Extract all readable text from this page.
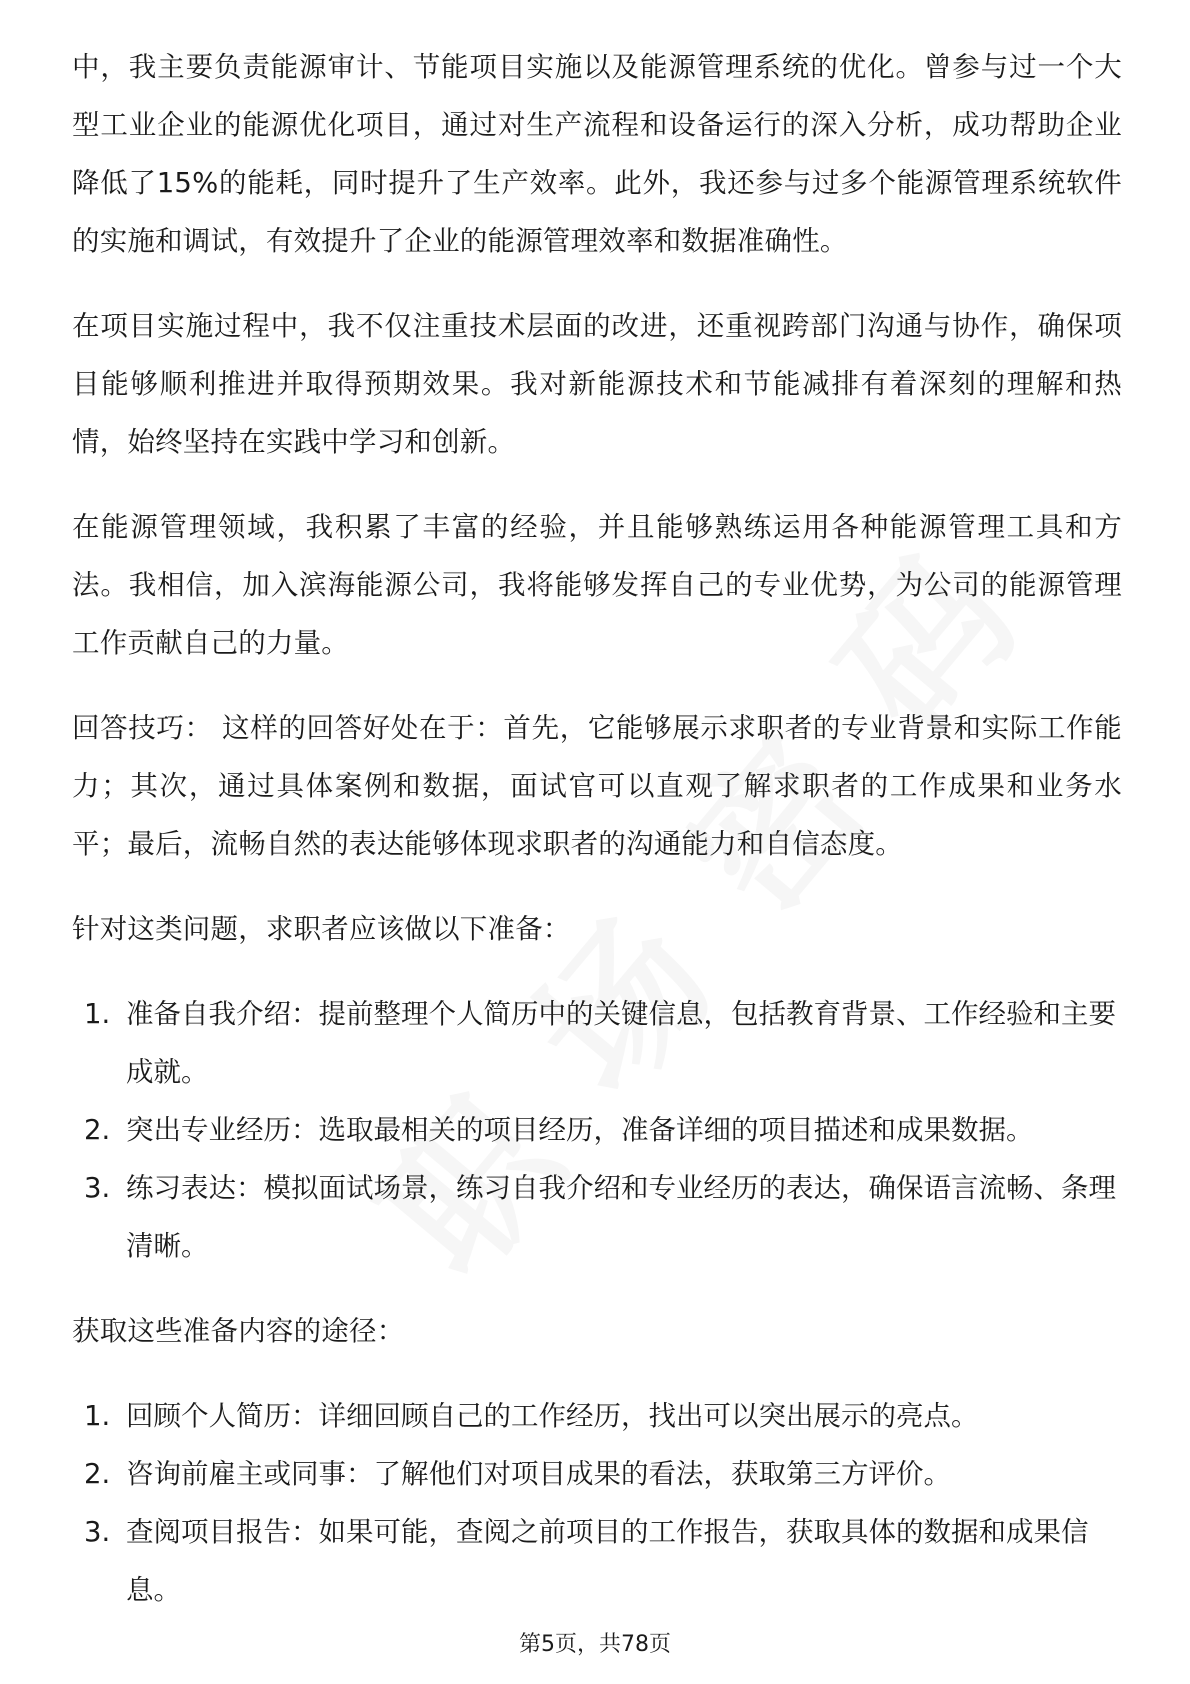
中，我主要负责能源审计、节能项目实施以及能源管理系统的优化。曾参与过一个大型工业企业的能源优化项目，通过对生产流程和设备运行的深入分析，成功帮助企业降低了15%的能耗，同时提升了生产效率。此外，我还参与过多个能源管理系统软件的实施和调试，有效提升了企业的能源管理效率和数据准确性。

在项目实施过程中，我不仅注重技术层面的改进，还重视跨部门沟通与协作，确保项目能够顺利推进并取得预期效果。我对新能源技术和节能减排有着深刻的理解和热情，始终坚持在实践中学习和创新。

在能源管理领域，我积累了丰富的经验，并且能够熟练运用各种能源管理工具和方法。我相信，加入滨海能源公司，我将能够发挥自己的专业优势，为公司的能源管理工作贡献自己的力量。

回答技巧： 这样的回答好处在于：首先，它能够展示求职者的专业背景和实际工作能力；其次，通过具体案例和数据，面试官可以直观了解求职者的工作成果和业务水平；最后，流畅自然的表达能够体现求职者的沟通能力和自信态度。

针对这类问题，求职者应该做以下准备：

1. 准备自我介绍：提前整理个人简历中的关键信息，包括教育背景、工作经验和主要成就。
2. 突出专业经历：选取最相关的项目经历，准备详细的项目描述和成果数据。
3. 练习表达：模拟面试场景，练习自我介绍和专业经历的表达，确保语言流畅、条理清晰。

获取这些准备内容的途径：

1. 回顾个人简历：详细回顾自己的工作经历，找出可以突出展示的亮点。
2. 咨询前雇主或同事：了解他们对项目成果的看法，获取第三方评价。
3. 查阅项目报告：如果可能，查阅之前项目的工作报告，获取具体的数据和成果信息。
第5页，共78页
